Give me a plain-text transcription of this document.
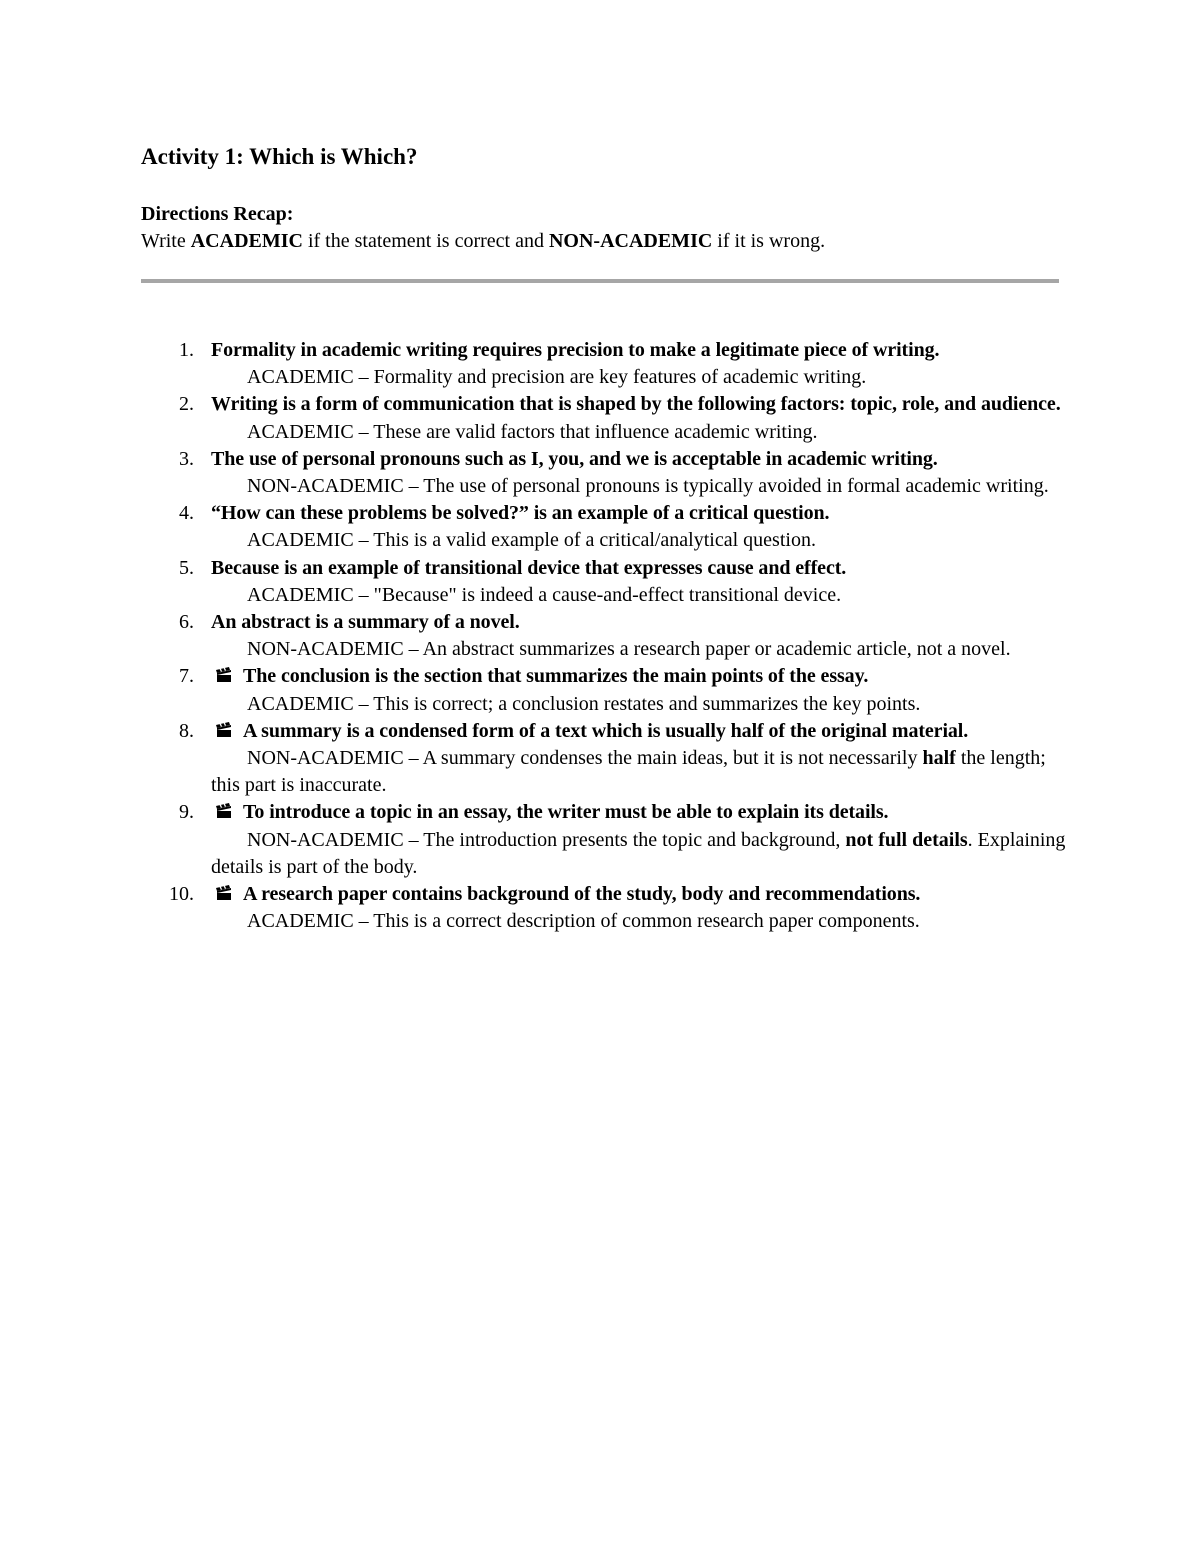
Activity 1: Which is Which?
Directions Recap:
Write ACADEMIC if the statement is correct and NON-ACADEMIC if it is wrong.
1. Formality in academic writing requires precision to make a legitimate piece of writing.
ACADEMIC – Formality and precision are key features of academic writing.
2. Writing is a form of communication that is shaped by the following factors: topic, role, and audience.
ACADEMIC – These are valid factors that influence academic writing.
3. The use of personal pronouns such as I, you, and we is acceptable in academic writing.
NON-ACADEMIC – The use of personal pronouns is typically avoided in formal academic writing.
4. “How can these problems be solved?” is an example of a critical question.
ACADEMIC – This is a valid example of a critical/analytical question.
5. Because is an example of transitional device that expresses cause and effect.
ACADEMIC – "Because" is indeed a cause-and-effect transitional device.
6. An abstract is a summary of a novel.
NON-ACADEMIC – An abstract summarizes a research paper or academic article, not a novel.
7.	The conclusion is the section that summarizes the main points of the essay.
ACADEMIC – This is correct; a conclusion restates and summarizes the key points.
8.	A summary is a condensed form of a text which is usually half of the original material.
NON-ACADEMIC – A summary condenses the main ideas, but it is not necessarily half the length; this part is inaccurate.
9.	To introduce a topic in an essay, the writer must be able to explain its details.
NON-ACADEMIC – The introduction presents the topic and background, not full details. Explaining details is part of the body.
10.	A research paper contains background of the study, body and recommendations.
ACADEMIC – This is a correct description of common research paper components.
